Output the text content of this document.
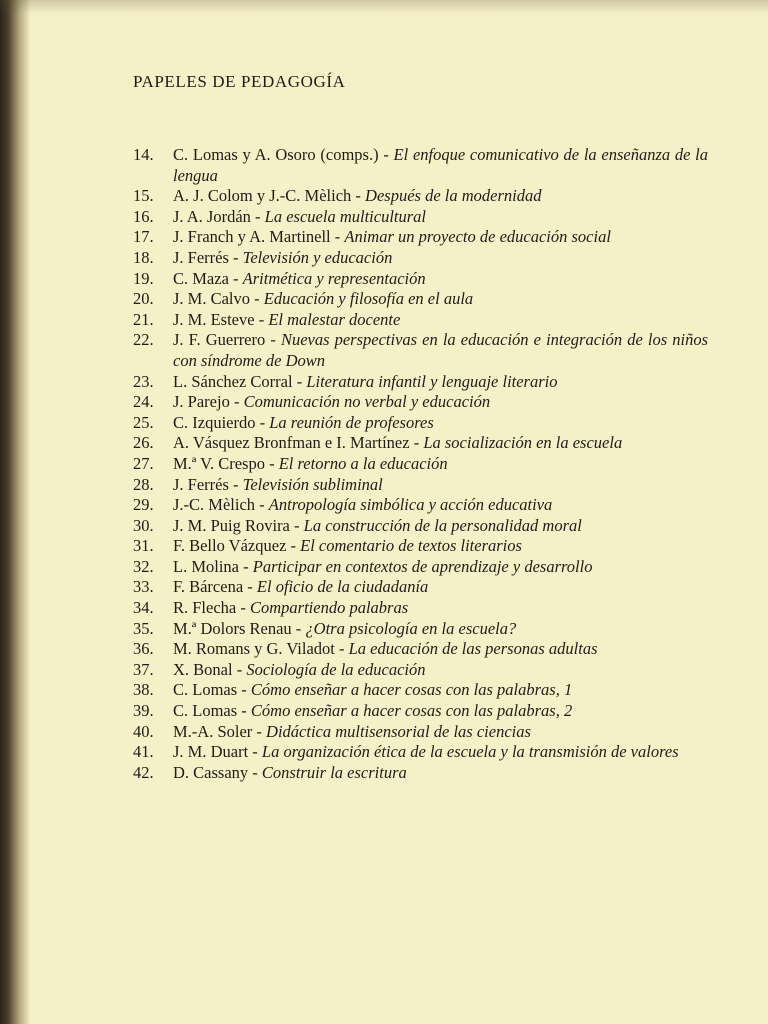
PAPELES DE PEDAGOGÍA
14.	C. Lomas y A. Osoro (comps.) - El enfoque comunicativo de la enseñanza de la lengua
15.	A. J. Colom y J.-C. Mèlich - Después de la modernidad
16.	J. A. Jordán - La escuela multicultural
17.	J. Franch y A. Martinell - Animar un proyecto de educación social
18.	J. Ferrés - Televisión y educación
19.	C. Maza - Aritmética y representación
20.	J. M. Calvo - Educación y filosofía en el aula
21.	J. M. Esteve - El malestar docente
22.	J. F. Guerrero - Nuevas perspectivas en la educación e integración de los niños con síndrome de Down
23.	L. Sánchez Corral - Literatura infantil y lenguaje literario
24.	J. Parejo - Comunicación no verbal y educación
25.	C. Izquierdo - La reunión de profesores
26.	A. Vásquez Bronfman e I. Martínez - La socialización en la escuela
27.	M.ª V. Crespo - El retorno a la educación
28.	J. Ferrés - Televisión subliminal
29.	J.-C. Mèlich - Antropología simbólica y acción educativa
30.	J. M. Puig Rovira - La construcción de la personalidad moral
31.	F. Bello Vázquez - El comentario de textos literarios
32.	L. Molina - Participar en contextos de aprendizaje y desarrollo
33.	F. Bárcena - El oficio de la ciudadanía
34.	R. Flecha - Compartiendo palabras
35.	M.ª Dolors Renau - ¿Otra psicología en la escuela?
36.	M. Romans y G. Viladot - La educación de las personas adultas
37.	X. Bonal - Sociología de la educación
38.	C. Lomas - Cómo enseñar a hacer cosas con las palabras, 1
39.	C. Lomas - Cómo enseñar a hacer cosas con las palabras, 2
40.	M.-A. Soler - Didáctica multisensorial de las ciencias
41.	J. M. Duart - La organización ética de la escuela y la transmisión de valores
42.	D. Cassany - Construir la escritura
